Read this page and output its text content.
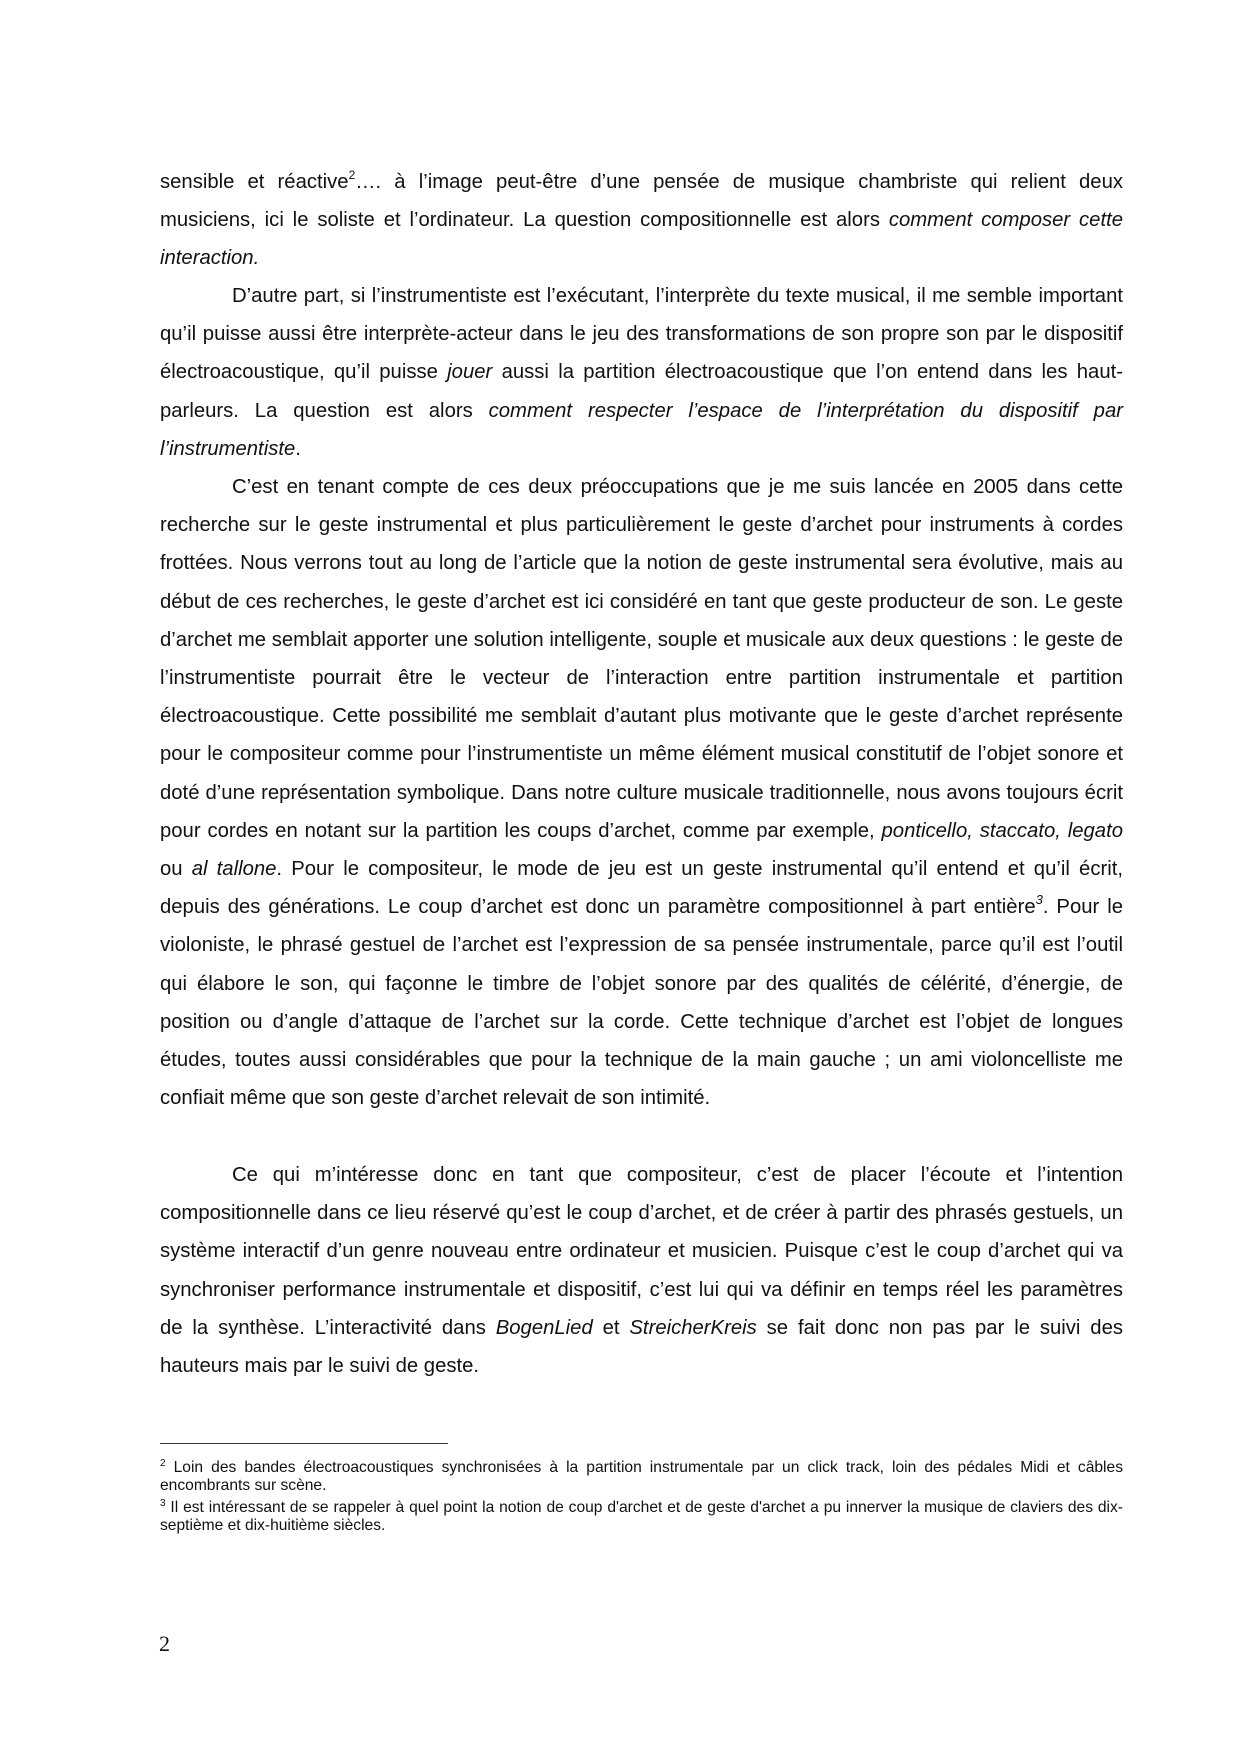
sensible et réactive$^2$…. à l’image peut-être d’une pensée de musique chambriste qui relient deux musiciens, ici le soliste et l’ordinateur. La question compositionnelle est alors comment composer cette interaction.
D’autre part, si l’instrumentiste est l’exécutant, l’interprète du texte musical, il me semble important qu’il puisse aussi être interprète-acteur dans le jeu des transformations de son propre son par le dispositif électroacoustique, qu’il puisse jouer aussi la partition électroacoustique que l’on entend dans les haut-parleurs. La question est alors comment respecter l’espace de l’interprétation du dispositif par l’instrumentiste.
C’est en tenant compte de ces deux préoccupations que je me suis lancée en 2005 dans cette recherche sur le geste instrumental et plus particulièrement le geste d’archet pour instruments à cordes frottées. Nous verrons tout au long de l’article que la notion de geste instrumental sera évolutive, mais au début de ces recherches, le geste d’archet est ici considéré en tant que geste producteur de son. Le geste d’archet me semblait apporter une solution intelligente, souple et musicale aux deux questions : le geste de l’instrumentiste pourrait être le vecteur de l’interaction entre partition instrumentale et partition électroacoustique. Cette possibilité me semblait d’autant plus motivante que le geste d’archet représente pour le compositeur comme pour l’instrumentiste un même élément musical constitutif de l’objet sonore et doté d’une représentation symbolique. Dans notre culture musicale traditionnelle, nous avons toujours écrit pour cordes en notant sur la partition les coups d’archet, comme par exemple, ponticello, staccato, legato ou al tallone. Pour le compositeur, le mode de jeu est un geste instrumental qu’il entend et qu’il écrit, depuis des générations. Le coup d’archet est donc un paramètre compositionnel à part entière$^3$. Pour le violoniste, le phrasé gestuel de l’archet est l’expression de sa pensée instrumentale, parce qu’il est l’outil qui élabore le son, qui façonne le timbre de l’objet sonore par des qualités de célérité, d’énergie, de position ou d’angle d’attaque de l’archet sur la corde. Cette technique d’archet est l’objet de longues études, toutes aussi considérables que pour la technique de la main gauche ; un ami violoncelliste me confiait même que son geste d’archet relevait de son intimité.
Ce qui m’intéresse donc en tant que compositeur, c’est de placer l’écoute et l’intention compositionnelle dans ce lieu réservé qu’est le coup d’archet, et de créer à partir des phrasés gestuels, un système interactif d’un genre nouveau entre ordinateur et musicien. Puisque c’est le coup d’archet qui va synchroniser performance instrumentale et dispositif, c’est lui qui va définir en temps réel les paramètres de la synthèse. L’interactivité dans BogenLied et StreicherKreis se fait donc non pas par le suivi des hauteurs mais par le suivi de geste.
$^2$ Loin des bandes électroacoustiques synchronisées à la partition instrumentale par un click track, loin des pédales Midi et câbles encombrants sur scène.
$^3$ Il est intéressant de se rappeler à quel point la notion de coup d'archet et de geste d'archet a pu innerver la musique de claviers des dix-septième et dix-huitième siècles.
2
